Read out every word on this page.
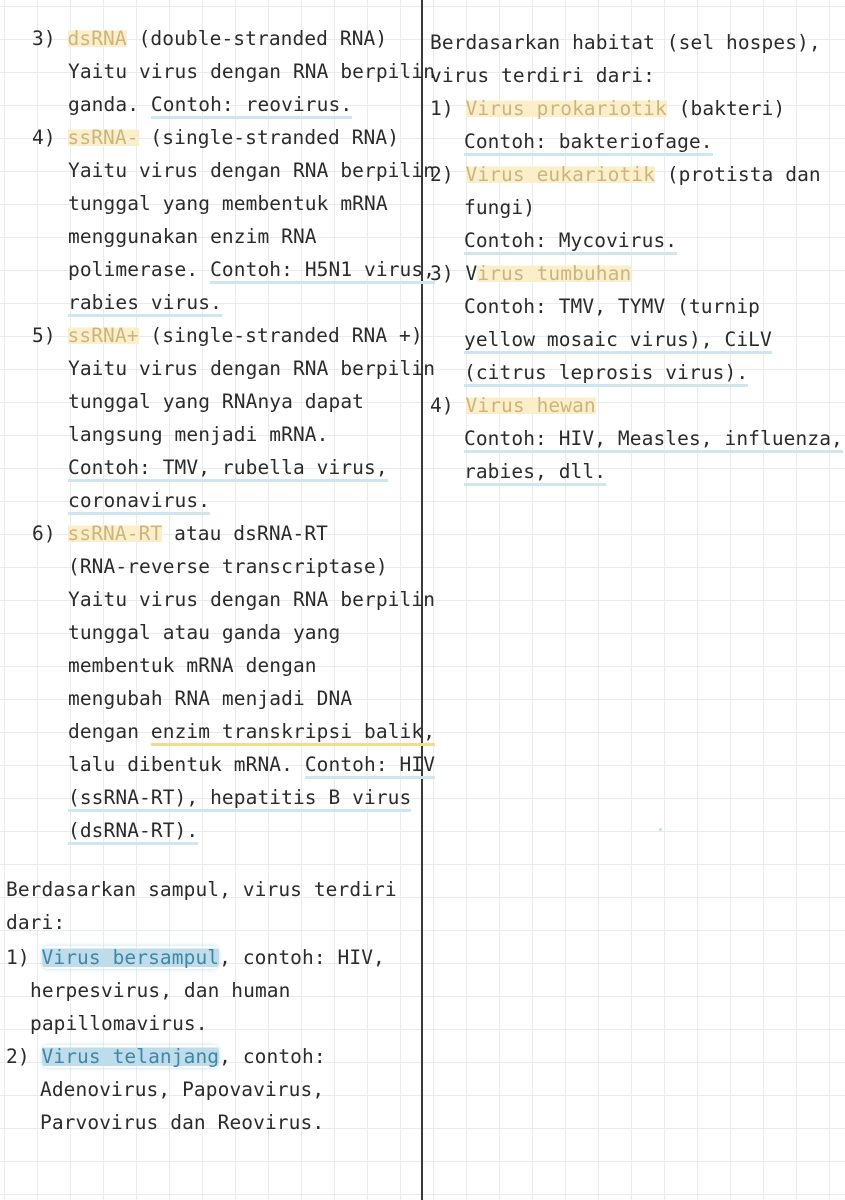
3) dsRNA (double-stranded RNA)
Yaitu virus dengan RNA berpilin
ganda. Contoh: reovirus.
4) ssRNA- (single-stranded RNA)
Yaitu virus dengan RNA berpilin
tunggal yang membentuk mRNA
menggunakan enzim RNA
polimerase. Contoh: H5N1 virus,
rabies virus.
5) ssRNA+ (single-stranded RNA +)
Yaitu virus dengan RNA berpilin
tunggal yang RNAnya dapat
langsung menjadi mRNA.
Contoh: TMV, rubella virus,
coronavirus.
6) ssRNA-RT atau dsRNA-RT
(RNA-reverse transcriptase)
Yaitu virus dengan RNA berpilin
tunggal atau ganda yang
membentuk mRNA dengan
mengubah RNA menjadi DNA
dengan enzim transkripsi balik,
lalu dibentuk mRNA. Contoh: HIV
(ssRNA-RT), hepatitis B virus
(dsRNA-RT).
Berdasarkan sampul, virus terdiri
dari:
1) Virus bersampul, contoh: HIV,
herpesvirus, dan human
papillomavirus.
2) Virus telanjang, contoh:
Adenovirus, Papovavirus,
Parvovirus dan Reovirus.
Berdasarkan habitat (sel hospes),
virus terdiri dari:
1) Virus prokariotik (bakteri)
Contoh: bakteriofage.
2) Virus eukariotik (protista dan
fungi)
Contoh: Mycovirus.
3) Virus tumbuhan
Contoh: TMV, TYMV (turnip
yellow mosaic virus), CiLV
(citrus leprosis virus).
4) Virus hewan
Contoh: HIV, Measles, influenza,
rabies, dll.
